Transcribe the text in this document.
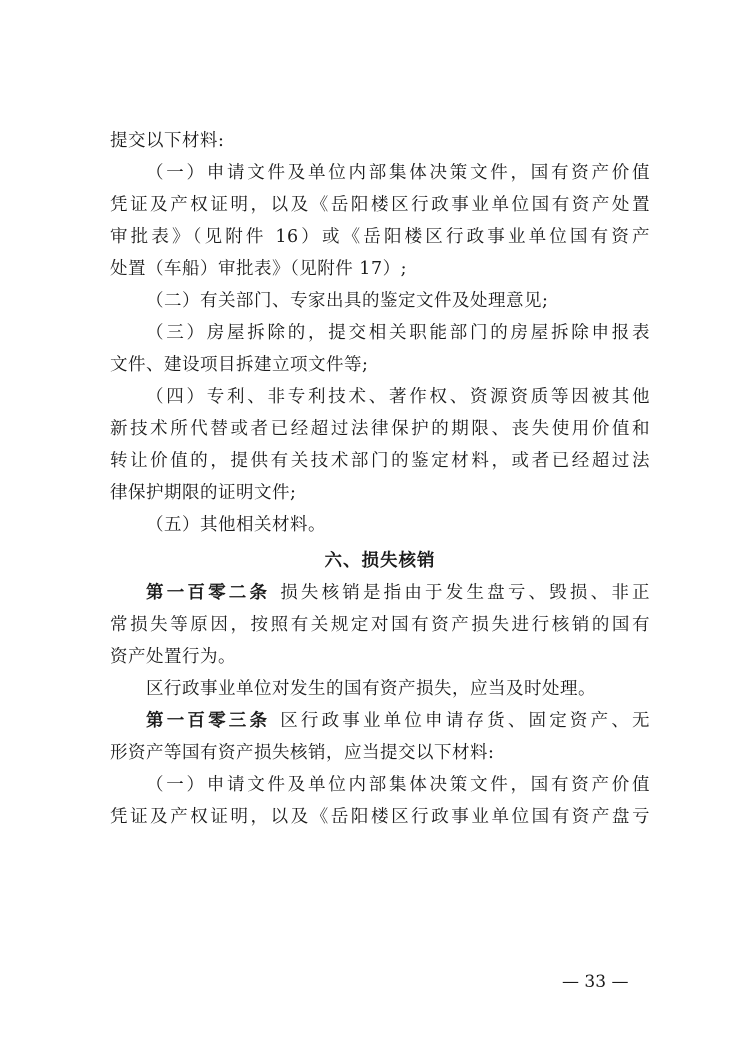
提交以下材料:
（一）申请文件及单位内部集体决策文件，国有资产价值
凭证及产权证明，以及《岳阳楼区行政事业单位国有资产处置
审批表》（见附件 16）或《岳阳楼区行政事业单位国有资产
处置（车船）审批表》（见附件 17）;
（二）有关部门、专家出具的鉴定文件及处理意见;
（三）房屋拆除的，提交相关职能部门的房屋拆除申报表
文件、建设项目拆建立项文件等;
（四）专利、非专利技术、著作权、资源资质等因被其他
新技术所代替或者已经超过法律保护的期限、丧失使用价值和
转让价值的，提供有关技术部门的鉴定材料，或者已经超过法
律保护期限的证明文件;
（五）其他相关材料。
六、损失核销
第一百零二条 损失核销是指由于发生盘亏、毁损、非正
常损失等原因，按照有关规定对国有资产损失进行核销的国有
资产处置行为。
区行政事业单位对发生的国有资产损失，应当及时处理。
第一百零三条 区行政事业单位申请存货、固定资产、无
形资产等国有资产损失核销，应当提交以下材料:
（一）申请文件及单位内部集体决策文件，国有资产价值
凭证及产权证明，以及《岳阳楼区行政事业单位国有资产盘亏
— 33 —
